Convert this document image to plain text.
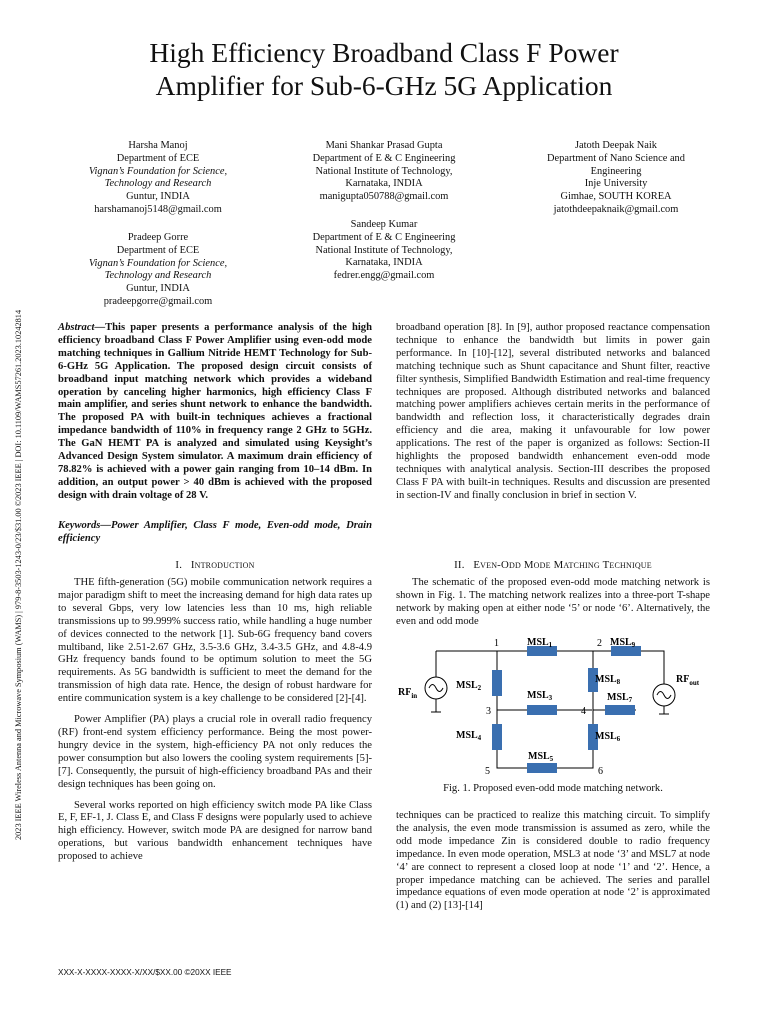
High Efficiency Broadband Class F Power
Amplifier for Sub-6-GHz 5G Application
Harsha Manoj
Department of ECE
Vignan’s Foundation for Science,
Technology and Research
Guntur, INDIA
harshamanoj5148@gmail.com
Mani Shankar Prasad Gupta
Department of E & C Engineering
National Institute of Technology,
Karnataka, INDIA
manigupta050788@gmail.com
Jatoth Deepak Naik
Department of Nano Science and
Engineering
Inje University
Gimhae, SOUTH KOREA
jatothdeepaknaik@gmail.com
Pradeep Gorre
Department of ECE
Vignan’s Foundation for Science,
Technology and Research
Guntur, INDIA
pradeepgorre@gmail.com
Sandeep Kumar
Department of E & C Engineering
National Institute of Technology,
Karnataka, INDIA
fedrer.engg@gmail.com
2023 IEEE Wireless Antenna and Microwave Symposium (WAMS) | 979-8-3503-1243-0/23/$31.00 ©2023 IEEE | DOI: 10.1109/WAMS57261.2023.10242814	Abstract—This paper presents a performance analysis of the high efficiency broadband Class F Power Amplifier using even-odd mode matching techniques in Gallium Nitride HEMT Technology for Sub-6-GHz 5G Application. The proposed design circuit consists of broadband input matching network which provides a wideband operation by canceling higher harmonics, high efficiency Class F main amplifier, and series shunt network to enhance the bandwidth. The proposed PA with built-in techniques achieves a fractional impedance bandwidth of 110% in frequency range 2 GHz to 5GHz. The GaN HEMT PA is analyzed and simulated using Keysight’s Advanced Design System simulator. A maximum drain efficiency of 78.82% is achieved with a power gain ranging from 10–14 dBm. In addition, an output power > 40 dBm is achieved with the proposed design with drain voltage of 28 V.

Keywords—Power Amplifier, Class F mode, Even-odd mode, Drain efficiency

I. Introduction

THE fifth-generation (5G) mobile communication network requires a major paradigm shift to meet the increasing demand for high data rates up to several Gbps, very low latencies less than 10 ms, high reliable transmissions up to 99.999% success ratio, while handling a huge number of devices connected to the network [1]. Sub-6G frequency band covers multiband, like 2.51-2.67 GHz, 3.5-3.6 GHz, 3.4-3.5 GHz, and 4.8-4.9 GHz frequency bands found to be optimum solution to meet the 5G requirements. As 5G bandwidth is sufficient to meet the demand for the transmission of high data rate. Hence, the design of robust hardware for entire communication system is a key challenge to be considered [2]-[4].

Power Amplifier (PA) plays a crucial role in overall radio frequency (RF) front-end system efficiency performance. Being the most power-hungry device in the system, high-efficiency PA not only reduces the power consumption but also lowers the cooling system requirements [5]-[7]. Consequently, the pursuit of high-efficiency broadband PAs and their design techniques has been going on.

Several works reported on high efficiency switch mode PA like Class E, F, EF-1, J. Class E, and Class F designs were popularly used to achieve high efficiency. However, switch mode PA are designed for narrow band operations, but various bandwidth enhancement techniques have proposed to achieve

broadband operation [8]. In [9], author proposed reactance compensation technique to enhance the bandwidth but limits in power gain performance. In [10]-[12], several distributed networks and balanced matching technique such as Shunt capacitance and Shunt filter, reactive filter synthesis, Simplified Bandwidth Estimation and real-time frequency techniques are proposed. Although distributed networks and balanced matching power amplifiers achieves certain merits in the performance of bandwidth and reflection loss, it characteristically degrades drain efficiency and die area, making it unfavourable for low power applications. The rest of the paper is organized as follows: Section-II highlights the proposed bandwidth enhancement even-odd mode techniques with analytical analysis. Section-III describes the proposed Class F PA with built-in techniques. Results and discussion are presented in section-IV and finally conclusion in brief in section V.

II. Even-Odd Mode Matching Technique

The schematic of the proposed even-odd mode matching network is shown in Fig. 1. The matching network realizes into a three-port T-shape network by making open at either node ‘5’ or node ‘6’. Alternatively, the even and odd mode

$RF_{in}$
$RF_{out}$
1	2
3	4
5	6
$MSL_1$	$MSL_9$
$MSL_2$
$MSL_3$
$MSL_8$
$MSL_7$
$MSL_4$	$MSL_6$
$MSL_5$
Fig. 1. Proposed even-odd mode matching network.

techniques can be practiced to realize this matching circuit. To simplify the analysis, the even mode transmission is assumed as zero, while the odd mode impedance Zin is considered double to radio frequency impedance. In even mode operation, MSL3 at node ‘3’ and MSL7 at node ‘4’ are connect to represent a closed loop at node ‘1’ and ‘2’. Hence, a proper impedance matching can be achieved. The series and parallel impedance equations of even mode operation at node ‘2’ is approximated (1) and (2) [13]-[14]

XXX-X-XXXX-XXXX-X/XX/$XX.00 ©20XX IEEE
